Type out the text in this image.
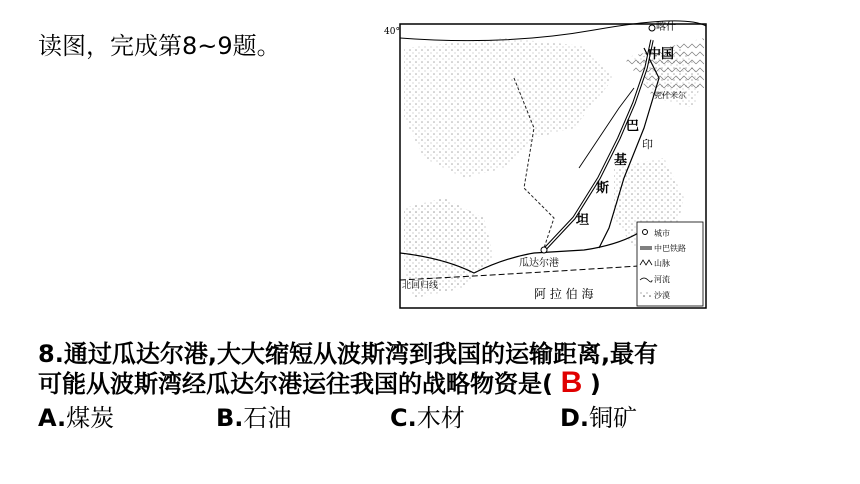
读图，完成第8~9题。	40°	喀什
中国
克什米尔
巴
基
斯
坦
印
瓜达尔港
阿 拉 伯 海
北回归线
城市
中巴铁路
山脉
河流
沙漠
8.通过瓜达尔港,大大缩短从波斯湾到我国的运输距离,最有
可能从波斯湾经瓜达尔港运往我国的战略物资是( B )
A.煤炭	B.石油	C.木材	D.铜矿
